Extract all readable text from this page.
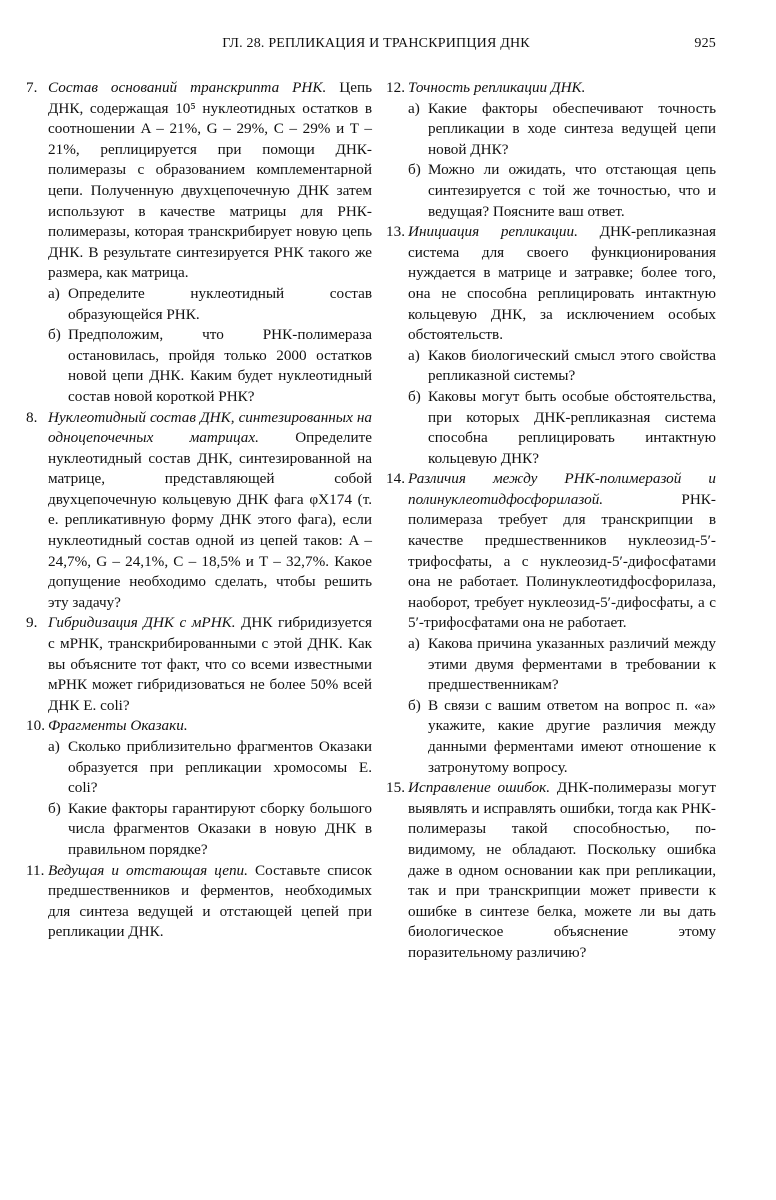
ГЛ. 28. РЕПЛИКАЦИЯ И ТРАНСКРИПЦИЯ ДНК	925
7. Состав оснований транскрипта РНК. Цепь ДНК, содержащая 10⁵ нуклеотидных остатков в соотношении A – 21%, G – 29%, C – 29% и T – 21%, реплицируется при помощи ДНК-полимеразы с образованием комплементарной цепи. Полученную двухцепочечную ДНК затем используют в качестве матрицы для РНК-полимеразы, которая транскрибирует новую цепь ДНК. В результате синтезируется РНК такого же размера, как матрица.
а) Определите нуклеотидный состав образующейся РНК.
б) Предположим, что РНК-полимераза остановилась, пройдя только 2000 остатков новой цепи ДНК. Каким будет нуклеотидный состав новой короткой РНК?
8. Нуклеотидный состав ДНК, синтезированных на одноцепочечных матрицах. Определите нуклеотидный состав ДНК, синтезированной на матрице, представляющей собой двухцепочечную кольцевую ДНК фага φX174 (т. е. репликативную форму ДНК этого фага), если нуклеотидный состав одной из цепей таков: A – 24,7%, G – 24,1%, C – 18,5% и T – 32,7%. Какое допущение необходимо сделать, чтобы решить эту задачу?
9. Гибридизация ДНК с мРНК. ДНК гибридизуется с мРНК, транскрибированными с этой ДНК. Как вы объясните тот факт, что со всеми известными мРНК может гибридизоваться не более 50% всей ДНК E. coli?
10. Фрагменты Оказаки.
а) Сколько приблизительно фрагментов Оказаки образуется при репликации хромосомы E. coli?
б) Какие факторы гарантируют сборку большого числа фрагментов Оказаки в новую ДНК в правильном порядке?
11. Ведущая и отстающая цепи. Составьте список предшественников и ферментов, необходимых для синтеза ведущей и отстающей цепей при репликации ДНК.
12. Точность репликации ДНК.
а) Какие факторы обеспечивают точность репликации в ходе синтеза ведущей цепи новой ДНК?
б) Можно ли ожидать, что отстающая цепь синтезируется с той же точностью, что и ведущая? Поясните ваш ответ.
13. Инициация репликации. ДНК-репликазная система для своего функционирования нуждается в матрице и затравке; более того, она не способна реплицировать интактную кольцевую ДНК, за исключением особых обстоятельств.
а) Каков биологический смысл этого свойства репликазной системы?
б) Каковы могут быть особые обстоятельства, при которых ДНК-репликазная система способна реплицировать интактную кольцевую ДНК?
14. Различия между РНК-полимеразой и полинуклеотидфосфорилазой.	РНК-полимераза требует для транскрипции в качестве предшественников нуклеозид-5′-трифосфаты, а с нуклеозид-5′-дифосфатами она не работает. Полинуклеотидфосфорилаза, наоборот, требует нуклеозид-5′-дифосфаты, а с 5′-трифосфатами она не работает.
а) Какова причина указанных различий между этими двумя ферментами в требовании к предшественникам?
б) В связи с вашим ответом на вопрос п. «а» укажите, какие другие различия между данными ферментами имеют отношение к затронутому вопросу.
15. Исправление ошибок. ДНК-полимеразы могут выявлять и исправлять ошибки, тогда как РНК-полимеразы такой способностью, по-видимому, не обладают. Поскольку ошибка даже в одном основании как при репликации, так и при транскрипции может привести к ошибке в синтезе белка, можете ли вы дать биологическое объяснение этому поразительному различию?
